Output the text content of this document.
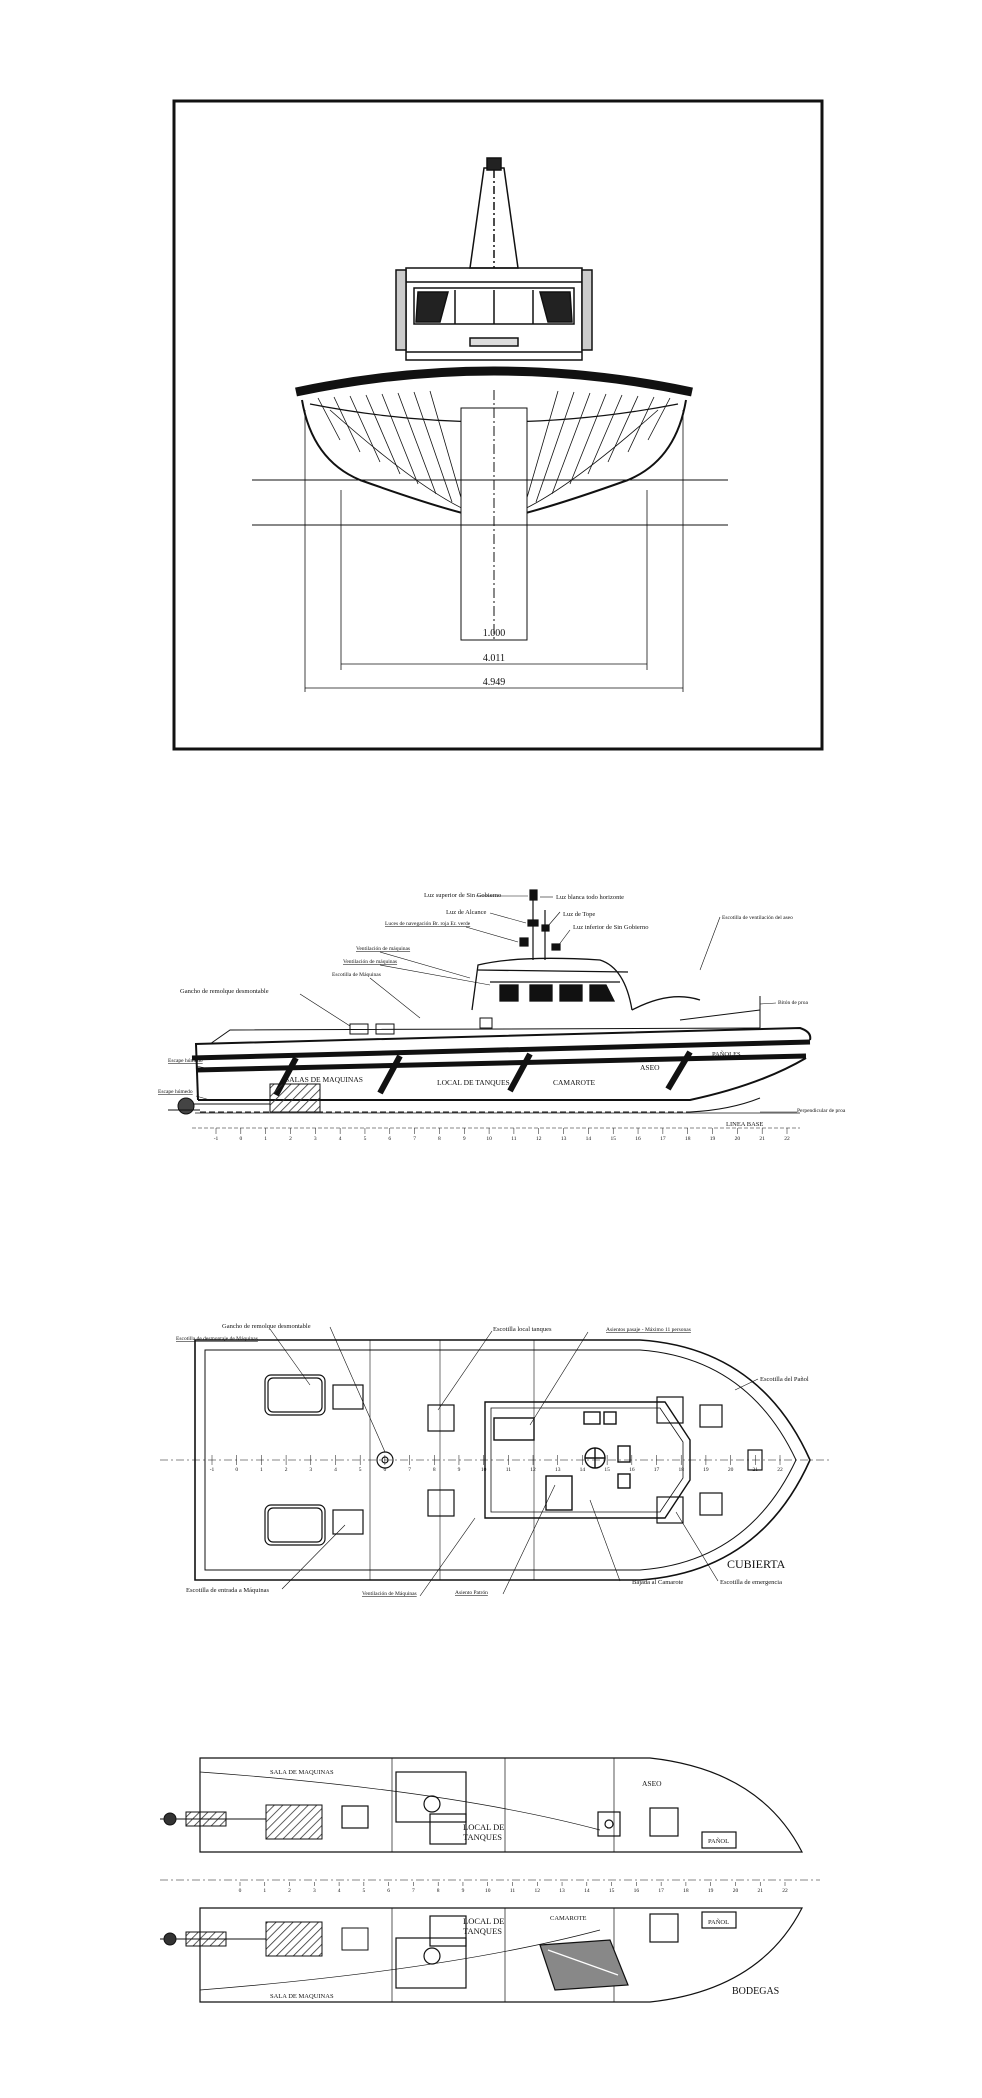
1.000
4.011
4.949
Luz superior de Sin Gobierno	Luz blanca todo horizonte
Luz de Alcance	Luz de Tope
Luces de navegación Br. roja Er. verde	Luz inferior de Sin Gobierno
Escotilla de ventilación del aseo
Ventilación de máquinas
Ventilación de máquinas
Escotilla de Máquinas
Gancho de remolque desmontable
Bitón de proa
Escape húmedo
Escape húmedo
Perpendicular de proa
LINEA BASE
SALAS DE MAQUINAS	LOCAL DE TANQUES	CAMAROTE
ASEO
PAÑOLES
-1	0	1	2	3	4	5	6	7	8	9	10	11	12	13	14	15	16	17	18	19	20	21	22
Gancho de remolque desmontable
Escotilla de desmontaje de Máquinas
Escotilla local tanques	Asientos pasaje - Máximo 11 personas
Escotilla del Pañol
Escotilla de entrada a Máquinas	Ventilación de Máquinas	Asiento Patrón
Bajada al Camarote	Escotilla de emergencia
CUBIERTA
-1	0	1	2	3	4	5	6	7	8	9	10	11	12	13	14	15	16	17	18	19	20	21	22
SALA DE MAQUINAS
LOCAL DE
TANQUES
ASEO
PAÑOL
LOCAL DE
TANQUES
CAMAROTE
PAÑOL
SALA DE MAQUINAS	BODEGAS
0	1	2	3	4	5	6	7	8	9	10	11	12	13	14	15	16	17	18	19	20	21	22
